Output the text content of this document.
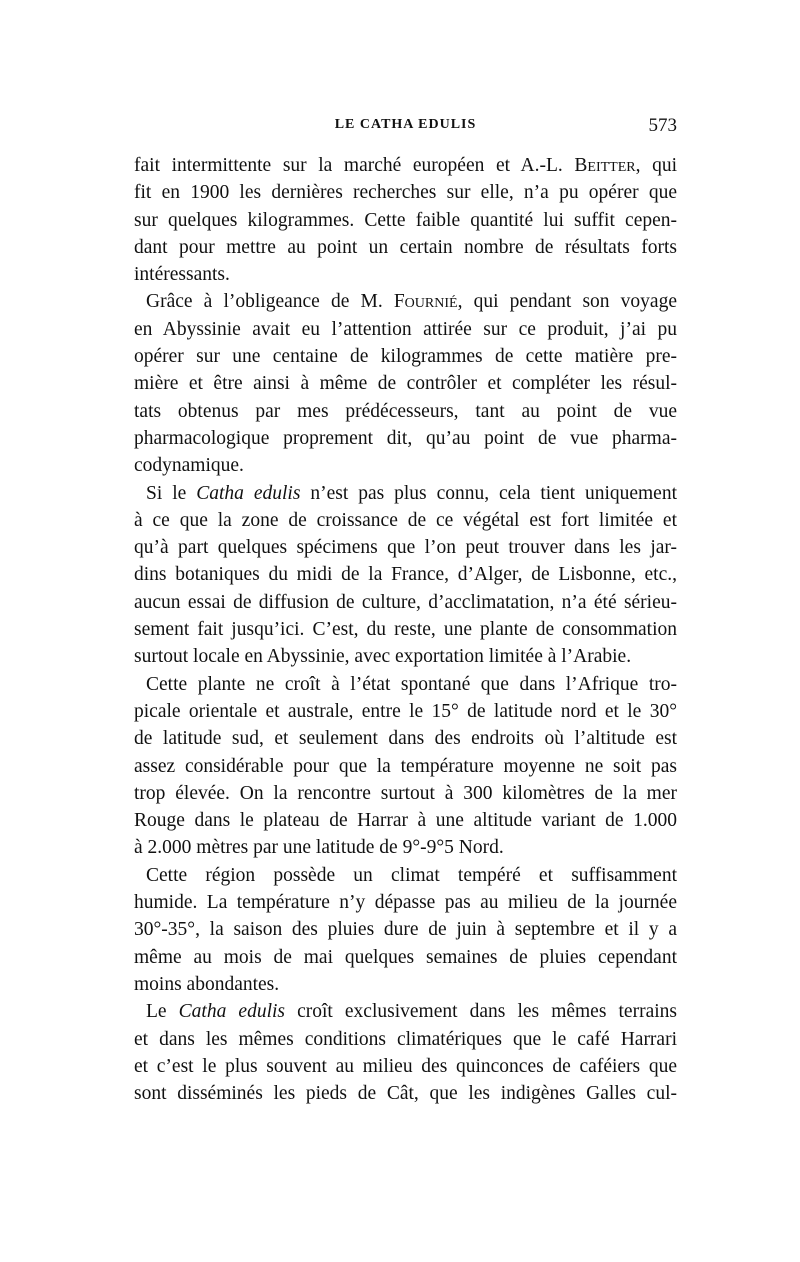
LE CATHA EDULIS	573
fait intermittente sur la marché européen et A.-L. Beitter, qui
fit en 1900 les dernières recherches sur elle, n’a pu opérer que
sur quelques kilogrammes. Cette faible quantité lui suffit cepen-
dant pour mettre au point un certain nombre de résultats forts
intéressants.
Grâce à l’obligeance de M. Fournié, qui pendant son voyage
en Abyssinie avait eu l’attention attirée sur ce produit, j’ai pu
opérer sur une centaine de kilogrammes de cette matière pre-
mière et être ainsi à même de contrôler et compléter les résul-
tats obtenus par mes prédécesseurs, tant au point de vue
pharmacologique proprement dit, qu’au point de vue pharma-
codynamique.
Si le Catha edulis n’est pas plus connu, cela tient uniquement
à ce que la zone de croissance de ce végétal est fort limitée et
qu’à part quelques spécimens que l’on peut trouver dans les jar-
dins botaniques du midi de la France, d’Alger, de Lisbonne, etc.,
aucun essai de diffusion de culture, d’acclimatation, n’a été sérieu-
sement fait jusqu’ici. C’est, du reste, une plante de consommation
surtout locale en Abyssinie, avec exportation limitée à l’Arabie.
Cette plante ne croît à l’état spontané que dans l’Afrique tro-
picale orientale et australe, entre le 15° de latitude nord et le 30°
de latitude sud, et seulement dans des endroits où l’altitude est
assez considérable pour que la température moyenne ne soit pas
trop élevée. On la rencontre surtout à 300 kilomètres de la mer
Rouge dans le plateau de Harrar à une altitude variant de 1.000
à 2.000 mètres par une latitude de 9°-9°5 Nord.
Cette région possède un climat tempéré et suffisamment
humide. La température n’y dépasse pas au milieu de la journée
30°-35°, la saison des pluies dure de juin à septembre et il y a
même au mois de mai quelques semaines de pluies cependant
moins abondantes.
Le Catha edulis croît exclusivement dans les mêmes terrains
et dans les mêmes conditions climatériques que le café Harrari
et c’est le plus souvent au milieu des quinconces de caféiers que
sont disséminés les pieds de Cât, que les indigènes Galles cul-
